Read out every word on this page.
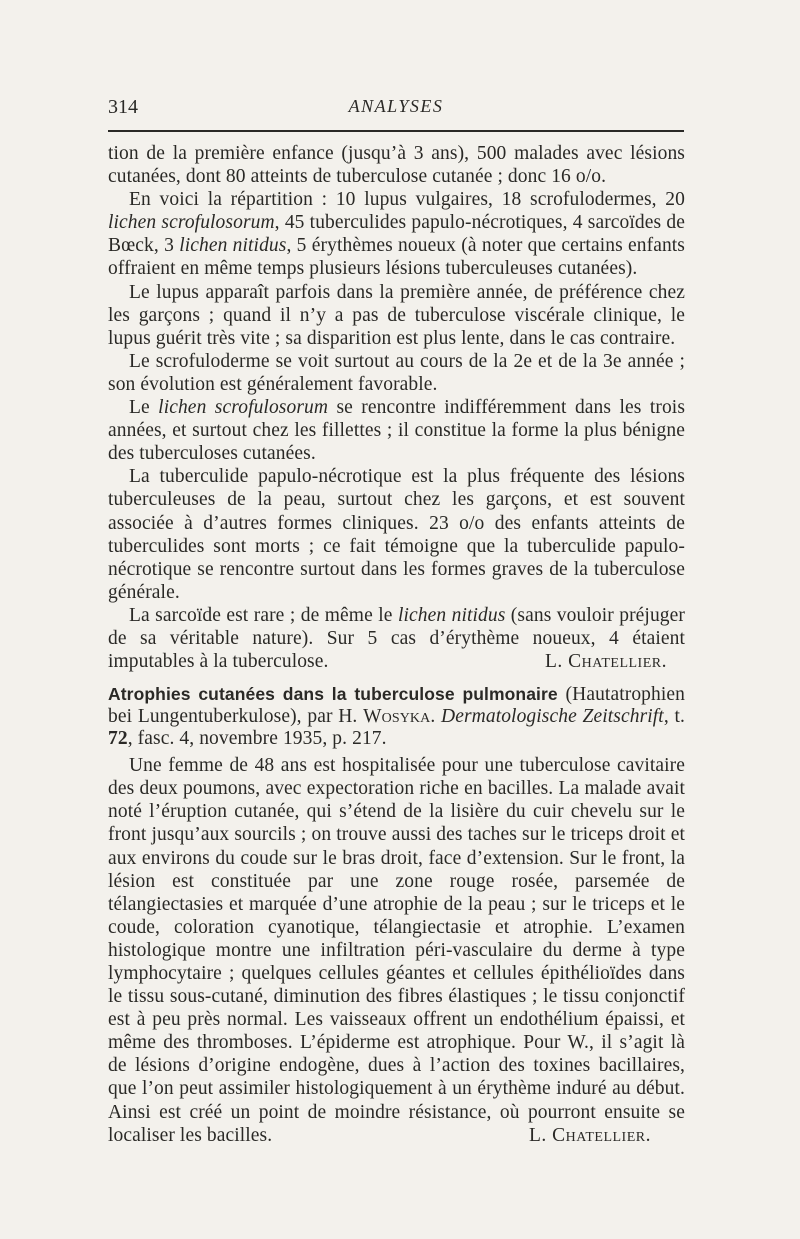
314	ANALYSES

tion de la première enfance (jusqu’à 3 ans), 500 malades avec lésions cutanées, dont 80 atteints de tuberculose cutanée ; donc 16 o/o.

En voici la répartition : 10 lupus vulgaires, 18 scrofulodermes, 20 lichen scrofulosorum, 45 tuberculides papulo-nécrotiques, 4 sarcoïdes de Bœck, 3 lichen nitidus, 5 érythèmes noueux (à noter que certains enfants offraient en même temps plusieurs lésions tuberculeuses cutanées).

Le lupus apparaît parfois dans la première année, de préférence chez les garçons ; quand il n’y a pas de tuberculose viscérale clinique, le lupus guérit très vite ; sa disparition est plus lente, dans le cas contraire.

Le scrofuloderme se voit surtout au cours de la 2e et de la 3e année ; son évolution est généralement favorable.

Le lichen scrofulosorum se rencontre indifféremment dans les trois années, et surtout chez les fillettes ; il constitue la forme la plus bénigne des tuberculoses cutanées.

La tuberculide papulo-nécrotique est la plus fréquente des lésions tuberculeuses de la peau, surtout chez les garçons, et est souvent associée à d’autres formes cliniques. 23 o/o des enfants atteints de tuberculides sont morts ; ce fait témoigne que la tuberculide papulo-nécrotique se rencontre surtout dans les formes graves de la tuberculose générale.

La sarcoïde est rare ; de même le lichen nitidus (sans vouloir préjuger de sa véritable nature). Sur 5 cas d’érythème noueux, 4 étaient imputables à la tuberculose.	L. Chatellier.

Atrophies cutanées dans la tuberculose pulmonaire (Hautatrophien bei Lungentuberkulose), par H. Wosyka. Dermatologische Zeitschrift, t. 72, fasc. 4, novembre 1935, p. 217.

Une femme de 48 ans est hospitalisée pour une tuberculose cavitaire des deux poumons, avec expectoration riche en bacilles. La malade avait noté l’éruption cutanée, qui s’étend de la lisière du cuir chevelu sur le front jusqu’aux sourcils ; on trouve aussi des taches sur le triceps droit et aux environs du coude sur le bras droit, face d’extension. Sur le front, la lésion est constituée par une zone rouge rosée, parsemée de télangiectasies et marquée d’une atrophie de la peau ; sur le triceps et le coude, coloration cyanotique, télangiectasie et atrophie. L’examen histologique montre une infiltration péri-vasculaire du derme à type lymphocytaire ; quelques cellules géantes et cellules épithélioïdes dans le tissu sous-cutané, diminution des fibres élastiques ; le tissu conjonctif est à peu près normal. Les vaisseaux offrent un endothélium épaissi, et même des thromboses. L’épiderme est atrophique. Pour W., il s’agit là de lésions d’origine endogène, dues à l’action des toxines bacillaires, que l’on peut assimiler histologiquement à un érythème induré au début. Ainsi est créé un point de moindre résistance, où pourront ensuite se localiser les bacilles.	L. Chatellier.
